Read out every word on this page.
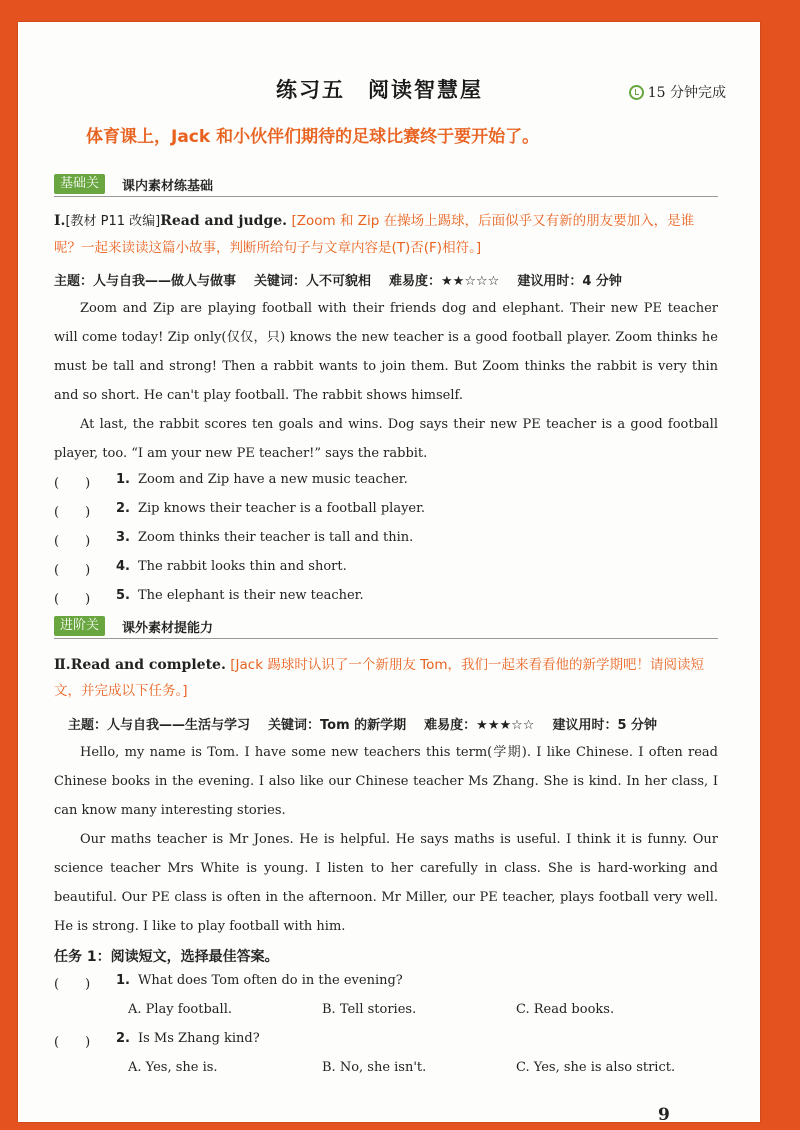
练习五　阅读智慧屋	15 分钟完成
体育课上，Jack 和小伙伴们期待的足球比赛终于要开始了。
基础关	课内素材练基础
Ⅰ.[教材 P11 改编]Read and judge. [Zoom 和 Zip 在操场上踢球，后面似乎又有新的朋友要加入，是谁呢？一起来读读这篇小故事，判断所给句子与文章内容是(T)否(F)相符。]
主题：人与自我——做人与做事 关键词：人不可貌相 难易度：★★☆☆☆ 建议用时：4 分钟

Zoom and Zip are playing football with their friends dog and elephant. Their new PE teacher will come today! Zip only(仅仅，只) knows the new teacher is a good football player. Zoom thinks he must be tall and strong! Then a rabbit wants to join them. But Zoom thinks the rabbit is very thin and so short. He can't play football. The rabbit shows himself.

At last, the rabbit scores ten goals and wins. Dog says their new PE teacher is a good football player, too. “I am your new PE teacher!” says the rabbit.

(　　)	1. Zoom and Zip have a new music teacher.
(　　)	2. Zip knows their teacher is a football player.
(　　)	3. Zoom thinks their teacher is tall and thin.
(　　)	4. The rabbit looks thin and short.
(　　)	5. The elephant is their new teacher.
进阶关	课外素材提能力
Ⅱ.Read and complete. [Jack 踢球时认识了一个新朋友 Tom，我们一起来看看他的新学期吧！请阅读短文，并完成以下任务。]
主题：人与自我——生活与学习 关键词：Tom 的新学期 难易度：★★★☆☆ 建议用时：5 分钟

Hello, my name is Tom. I have some new teachers this term(学期). I like Chinese. I often read Chinese books in the evening. I also like our Chinese teacher Ms Zhang. She is kind. In her class, I can know many interesting stories.

Our maths teacher is Mr Jones. He is helpful. He says maths is useful. I think it is funny. Our science teacher Mrs White is young. I listen to her carefully in class. She is hard-working and beautiful. Our PE class is often in the afternoon. Mr Miller, our PE teacher, plays football very well. He is strong. I like to play football with him.

任务 1：阅读短文，选择最佳答案。
(　　)	1. What does Tom often do in the evening?
A. Play football.	B. Tell stories.	C. Read books.
(　　)	2. Is Ms Zhang kind?
A. Yes, she is.	B. No, she isn't.	C. Yes, she is also strict.
9
